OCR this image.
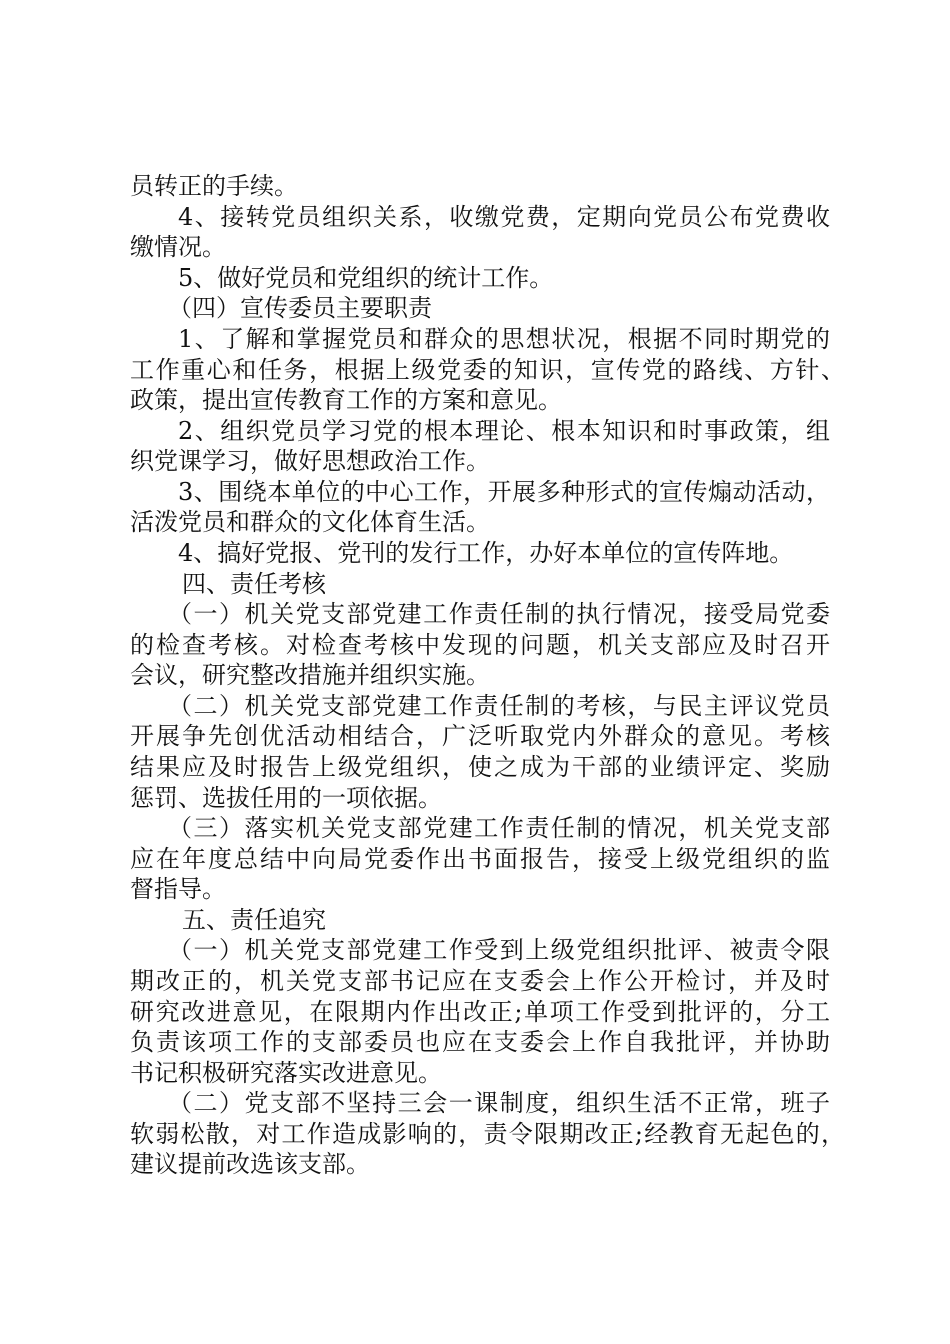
员转正的手续。
4、接转党员组织关系，收缴党费，定期向党员公布党费收
缴情况。
5、做好党员和党组织的统计工作。
（四）宣传委员主要职责
1、了解和掌握党员和群众的思想状况，根据不同时期党的
工作重心和任务，根据上级党委的知识，宣传党的路线、方针、
政策，提出宣传教育工作的方案和意见。
2、组织党员学习党的根本理论、根本知识和时事政策，组
织党课学习，做好思想政治工作。
3、围绕本单位的中心工作，开展多种形式的宣传煽动活动，
活泼党员和群众的文化体育生活。
4、搞好党报、党刊的发行工作，办好本单位的宣传阵地。
四、责任考核
（一）机关党支部党建工作责任制的执行情况，接受局党委
的检查考核。对检查考核中发现的问题，机关支部应及时召开
会议，研究整改措施并组织实施。
（二）机关党支部党建工作责任制的考核，与民主评议党员
开展争先创优活动相结合，广泛听取党内外群众的意见。考核
结果应及时报告上级党组织，使之成为干部的业绩评定、奖励
惩罚、选拔任用的一项依据。
（三）落实机关党支部党建工作责任制的情况，机关党支部
应在年度总结中向局党委作出书面报告，接受上级党组织的监
督指导。
五、责任追究
（一）机关党支部党建工作受到上级党组织批评、被责令限
期改正的，机关党支部书记应在支委会上作公开检讨，并及时
研究改进意见，在限期内作出改正;单项工作受到批评的，分工
负责该项工作的支部委员也应在支委会上作自我批评，并协助
书记积极研究落实改进意见。
（二）党支部不坚持三会一课制度，组织生活不正常，班子
软弱松散，对工作造成影响的，责令限期改正;经教育无起色的，
建议提前改选该支部。
